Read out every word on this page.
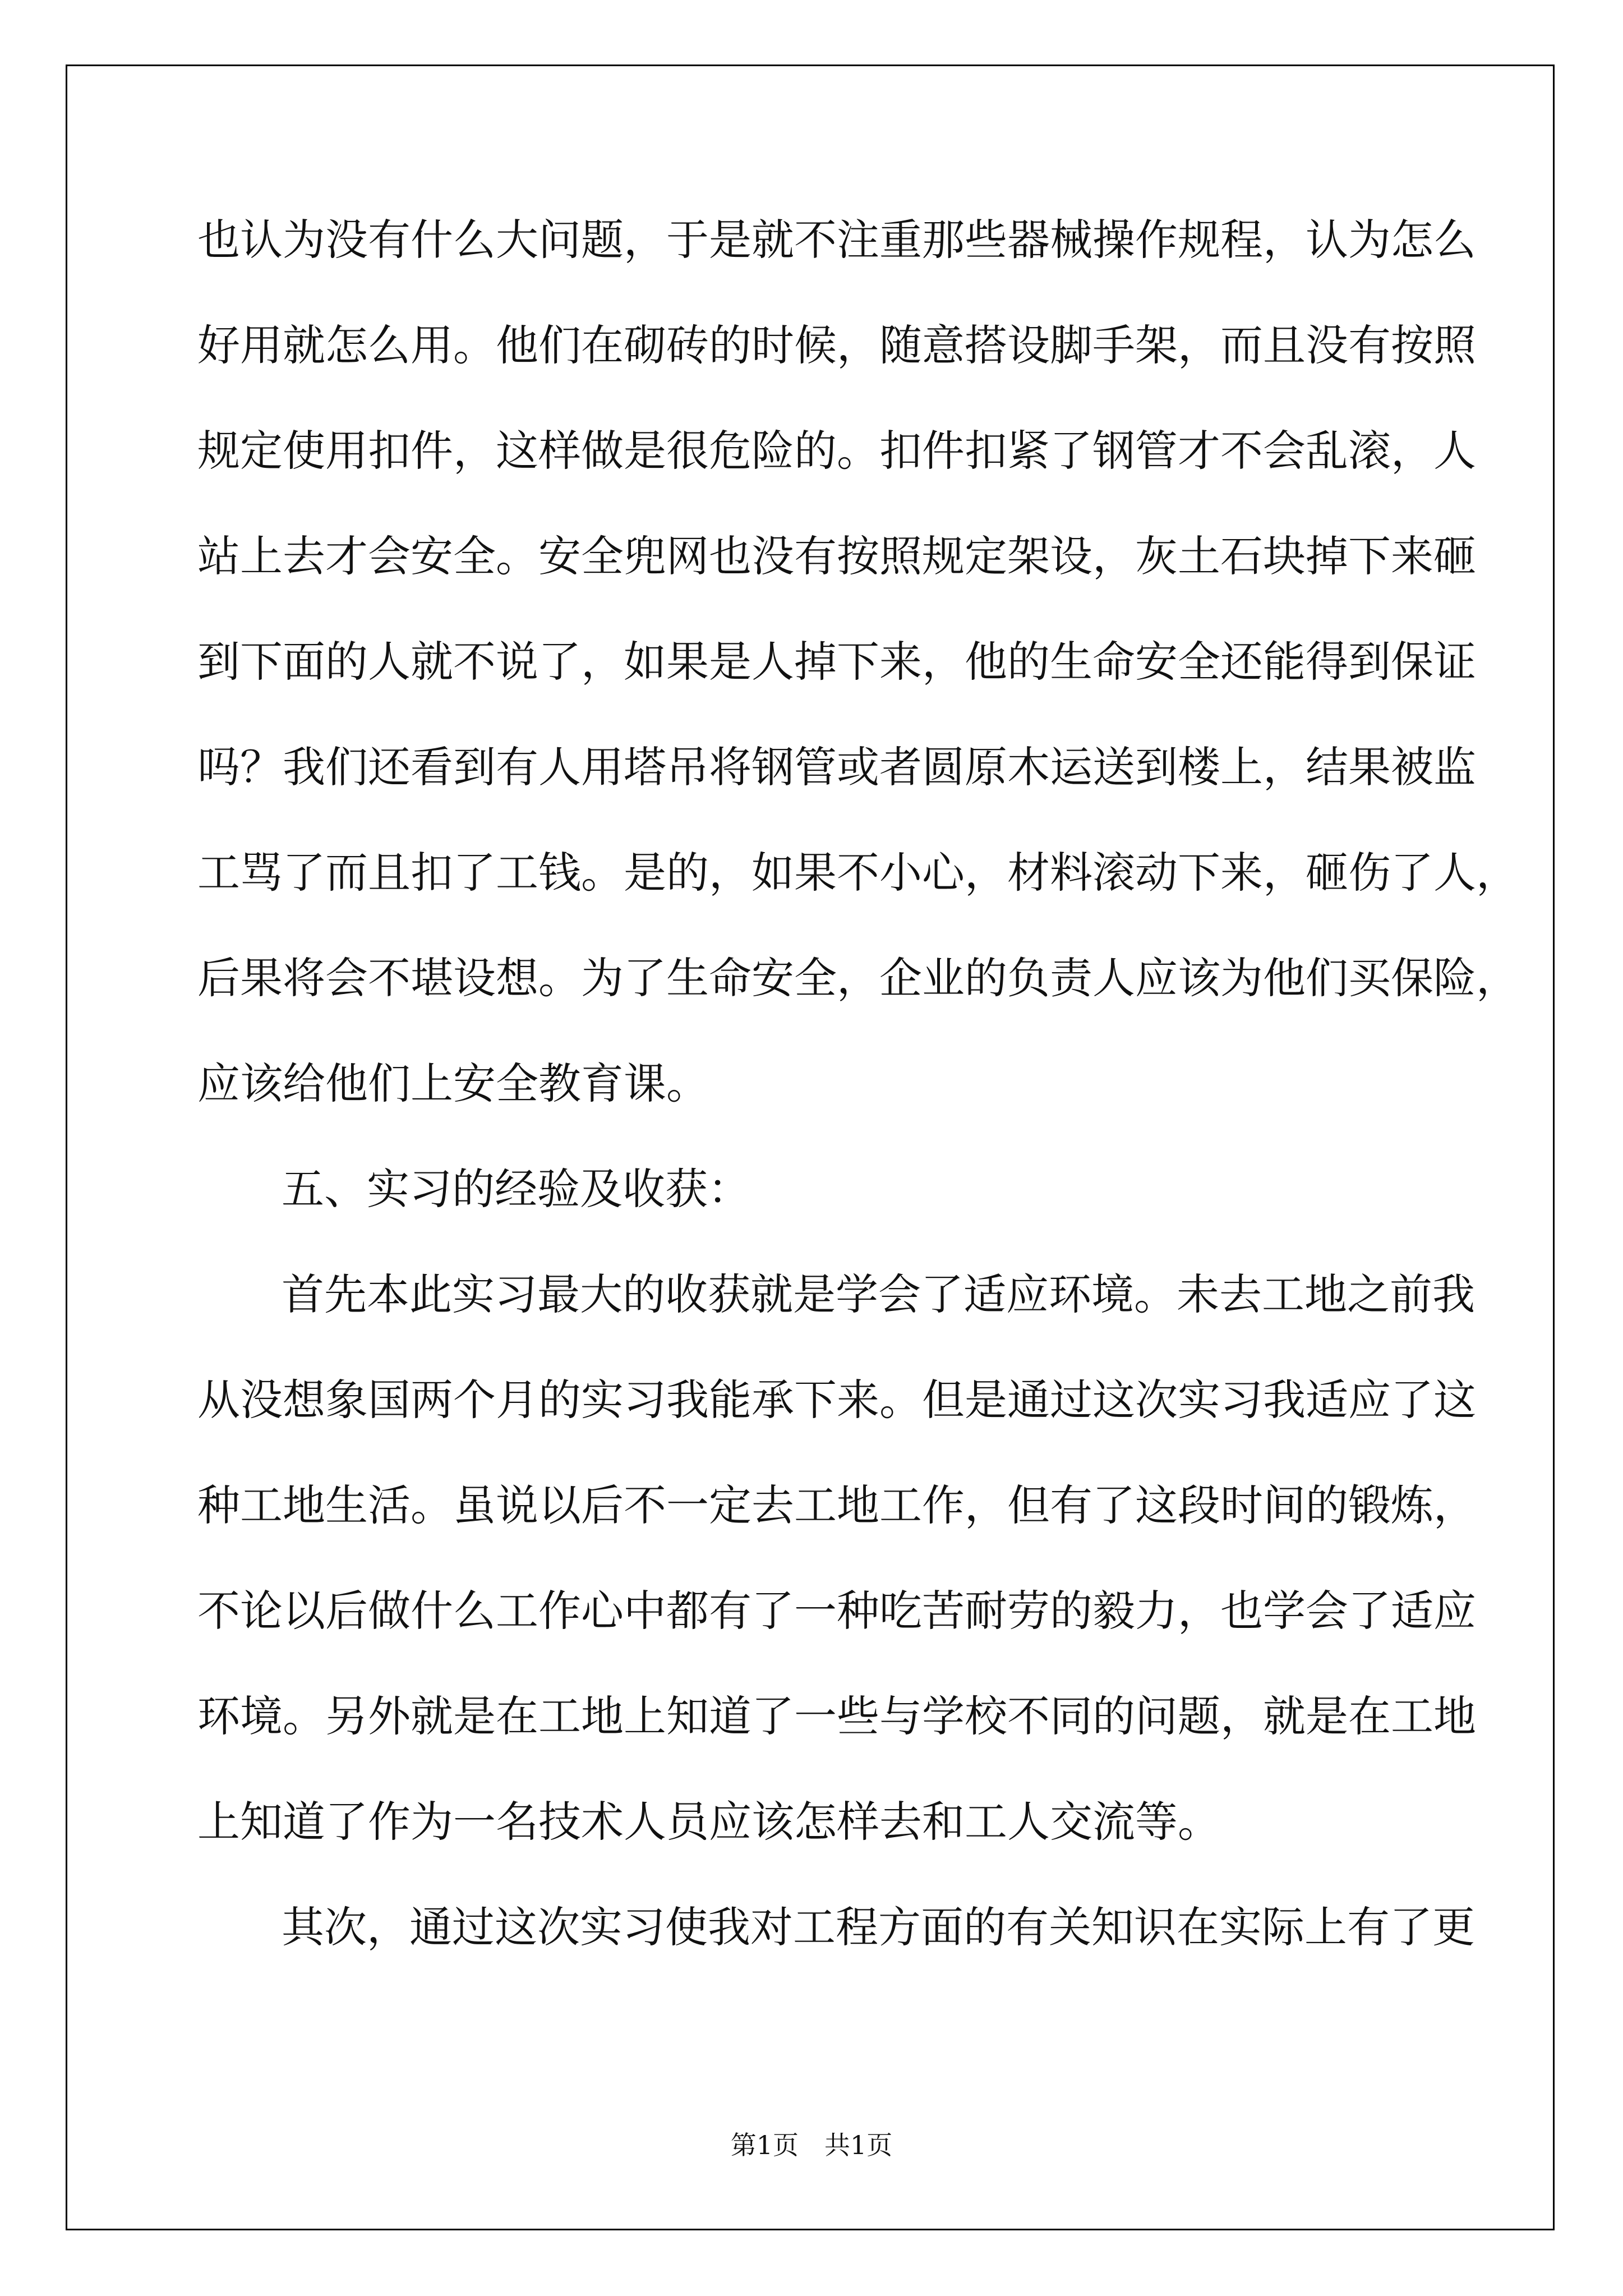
也认为没有什么大问题，于是就不注重那些器械操作规程，认为怎么
好用就怎么用。他们在砌砖的时候，随意搭设脚手架，而且没有按照
规定使用扣件，这样做是很危险的。扣件扣紧了钢管才不会乱滚，人
站上去才会安全。安全兜网也没有按照规定架设，灰土石块掉下来砸
到下面的人就不说了，如果是人掉下来，他的生命安全还能得到保证
吗？我们还看到有人用塔吊将钢管或者圆原木运送到楼上，结果被监
工骂了而且扣了工钱。是的，如果不小心，材料滚动下来，砸伤了人，
后果将会不堪设想。为了生命安全，企业的负责人应该为他们买保险，
应该给他们上安全教育课。
五、实习的经验及收获：
首先本此实习最大的收获就是学会了适应环境。未去工地之前我
从没想象国两个月的实习我能承下来。但是通过这次实习我适应了这
种工地生活。虽说以后不一定去工地工作，但有了这段时间的锻炼，
不论以后做什么工作心中都有了一种吃苦耐劳的毅力，也学会了适应
环境。另外就是在工地上知道了一些与学校不同的问题，就是在工地
上知道了作为一名技术人员应该怎样去和工人交流等。
其次，通过这次实习使我对工程方面的有关知识在实际上有了更
第1页　共1页
